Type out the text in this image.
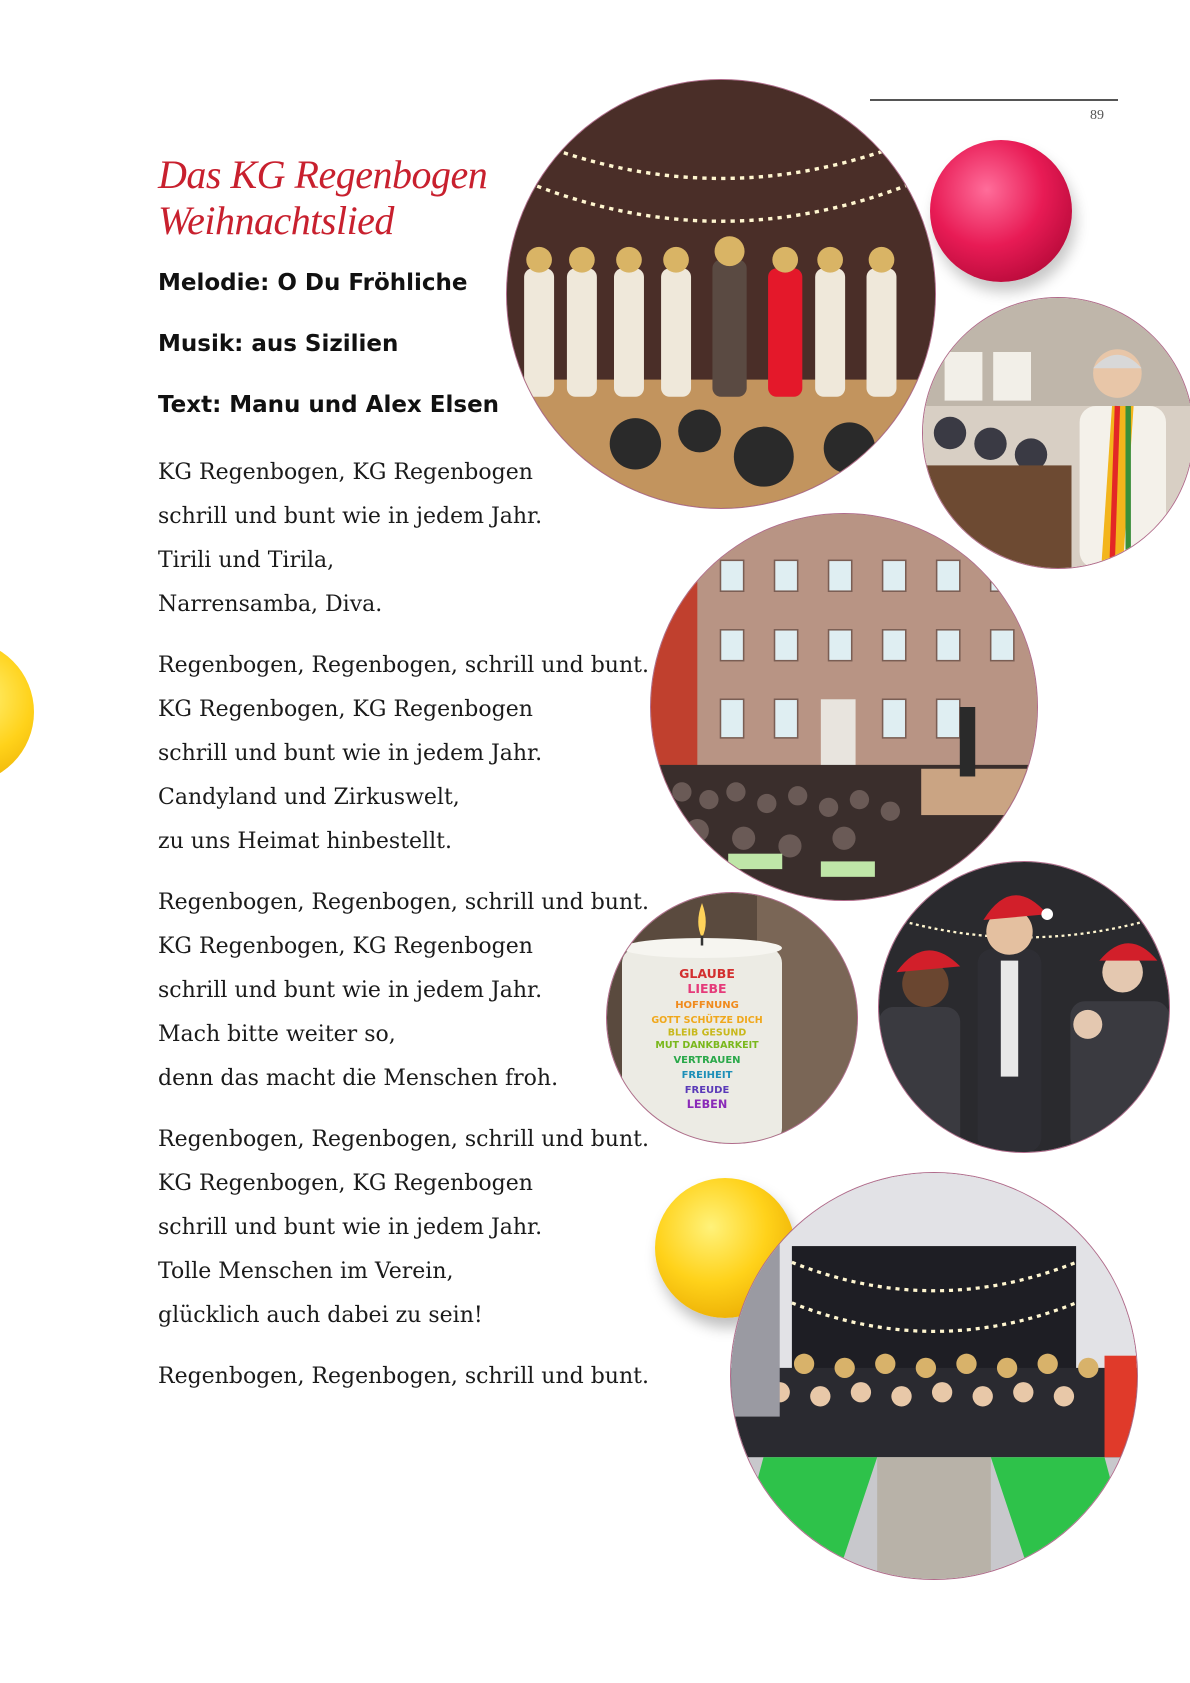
89
Das KG Regenbogen
Weihnachtslied

Melodie: O Du Fröhliche

Musik: aus Sizilien

Text: Manu und Alex Elsen

KG Regenbogen, KG Regenbogen
schrill und bunt wie in jedem Jahr.
Tirili und Tirila,
Narrensamba, Diva.
Regenbogen, Regenbogen, schrill und bunt.
KG Regenbogen, KG Regenbogen
schrill und bunt wie in jedem Jahr.
Candyland und Zirkuswelt,
zu uns Heimat hinbestellt.
Regenbogen, Regenbogen, schrill und bunt.
KG Regenbogen, KG Regenbogen
schrill und bunt wie in jedem Jahr.
Mach bitte weiter so,
denn das macht die Menschen froh.
Regenbogen, Regenbogen, schrill und bunt.
KG Regenbogen, KG Regenbogen
schrill und bunt wie in jedem Jahr.
Tolle Menschen im Verein,
glücklich auch dabei zu sein!
Regenbogen, Regenbogen, schrill und bunt.
GLAUBE
LIEBE
HOFFNUNG
GOTT SCHÜTZE DICH
BLEIB GESUND
MUT DANKBARKEIT
VERTRAUEN
FREIHEIT
FREUDE
LEBEN
